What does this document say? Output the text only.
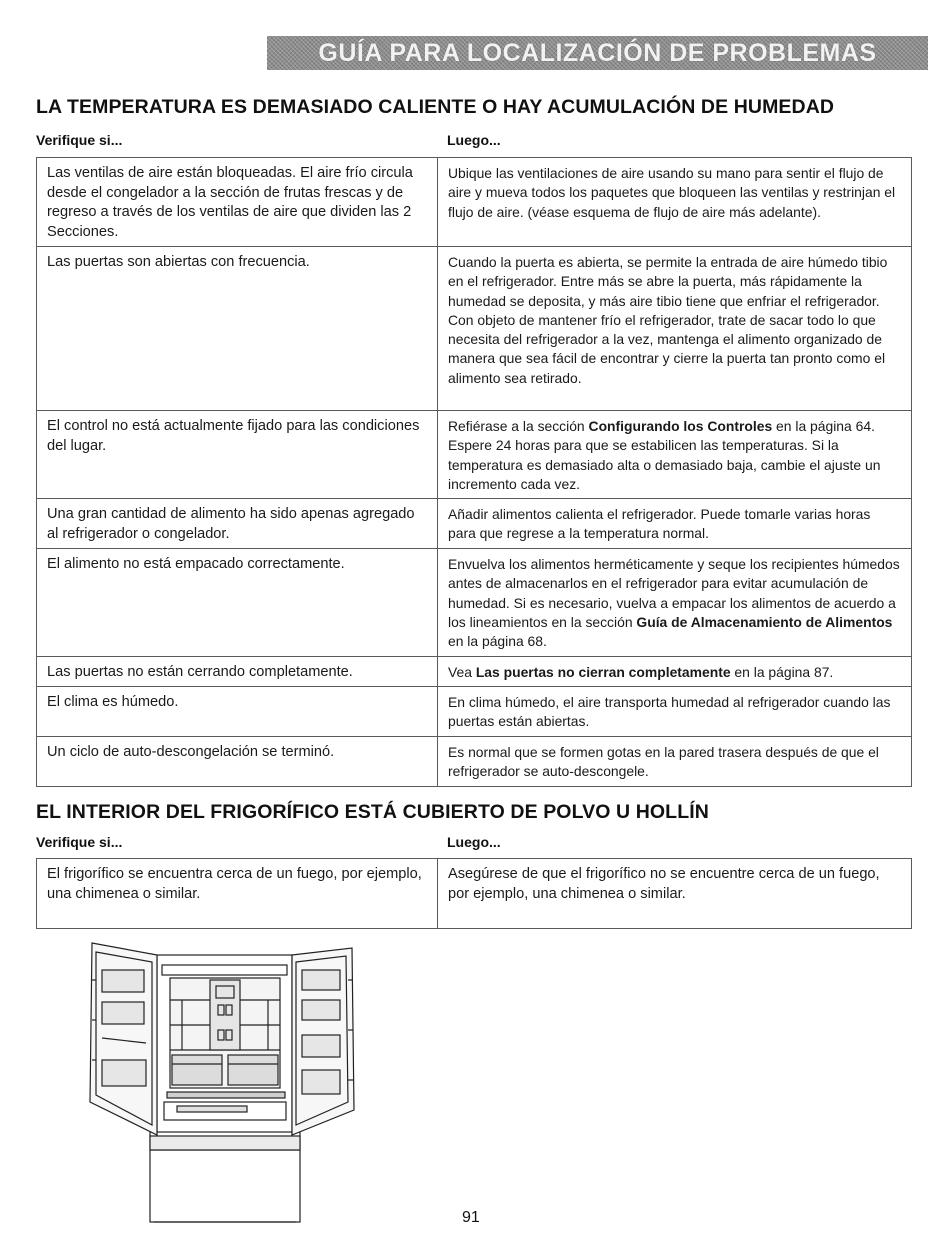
GUÍA PARA LOCALIZACIÓN DE PROBLEMAS
LA TEMPERATURA ES DEMASIADO CALIENTE O HAY ACUMULACIÓN DE HUMEDAD
Verifique si...	Luego...
Las ventilas de aire están bloqueadas. El aire frío circula desde el congelador a la sección de frutas frescas y de regreso a través de los ventilas de aire que dividen las 2 Secciones.	Ubique las ventilaciones de aire usando su mano para sentir el flujo de aire y mueva todos los paquetes que bloqueen las ventilas y restrinjan el flujo de aire. (véase esquema de flujo de aire más adelante).
Las puertas son abiertas con frecuencia.	Cuando la puerta es abierta, se permite la entrada de aire húmedo tibio en el refrigerador. Entre más se abre la puerta, más rápidamente la humedad se deposita, y más aire tibio tiene que enfriar el refrigerador. Con objeto de mantener frío el refrigerador, trate de sacar todo lo que necesita del refrigerador a la vez, mantenga el alimento organizado de manera que sea fácil de encontrar y cierre la puerta tan pronto como el alimento sea retirado.
El control no está actualmente fijado para las condiciones del lugar.	Refiérase a la sección Configurando los Controles en la página 64. Espere 24 horas para que se estabilicen las temperaturas. Si la temperatura es demasiado alta o demasiado baja, cambie el ajuste un incremento cada vez.
Una gran cantidad de alimento ha sido apenas agregado al refrigerador o congelador.	Añadir alimentos calienta el refrigerador. Puede tomarle varias horas para que regrese a la temperatura normal.
El alimento no está empacado correctamente.	Envuelva los alimentos herméticamente y seque los recipientes húmedos antes de almacenarlos en el refrigerador para evitar acumulación de humedad. Si es necesario, vuelva a empacar los alimentos de acuerdo a los lineamientos en la sección Guía de Almacenamiento de Alimentos en la página 68.
Las puertas no están cerrando completamente.	Vea Las puertas no cierran completamente en la página 87.
El clima es húmedo.	En clima húmedo, el aire transporta humedad al refrigerador cuando las puertas están abiertas.
Un ciclo de auto-descongelación se terminó.	Es normal que se formen gotas en la pared trasera después de que el refrigerador se auto-descongele.
EL INTERIOR DEL FRIGORÍFICO ESTÁ CUBIERTO DE POLVO U HOLLÍN
Verifique si...	Luego...
El frigorífico se encuentra cerca de un fuego, por ejemplo, una chimenea o similar.	Asegúrese de que el frigorífico no se encuentre cerca de un fuego, por ejemplo, una chimenea o similar.
91
